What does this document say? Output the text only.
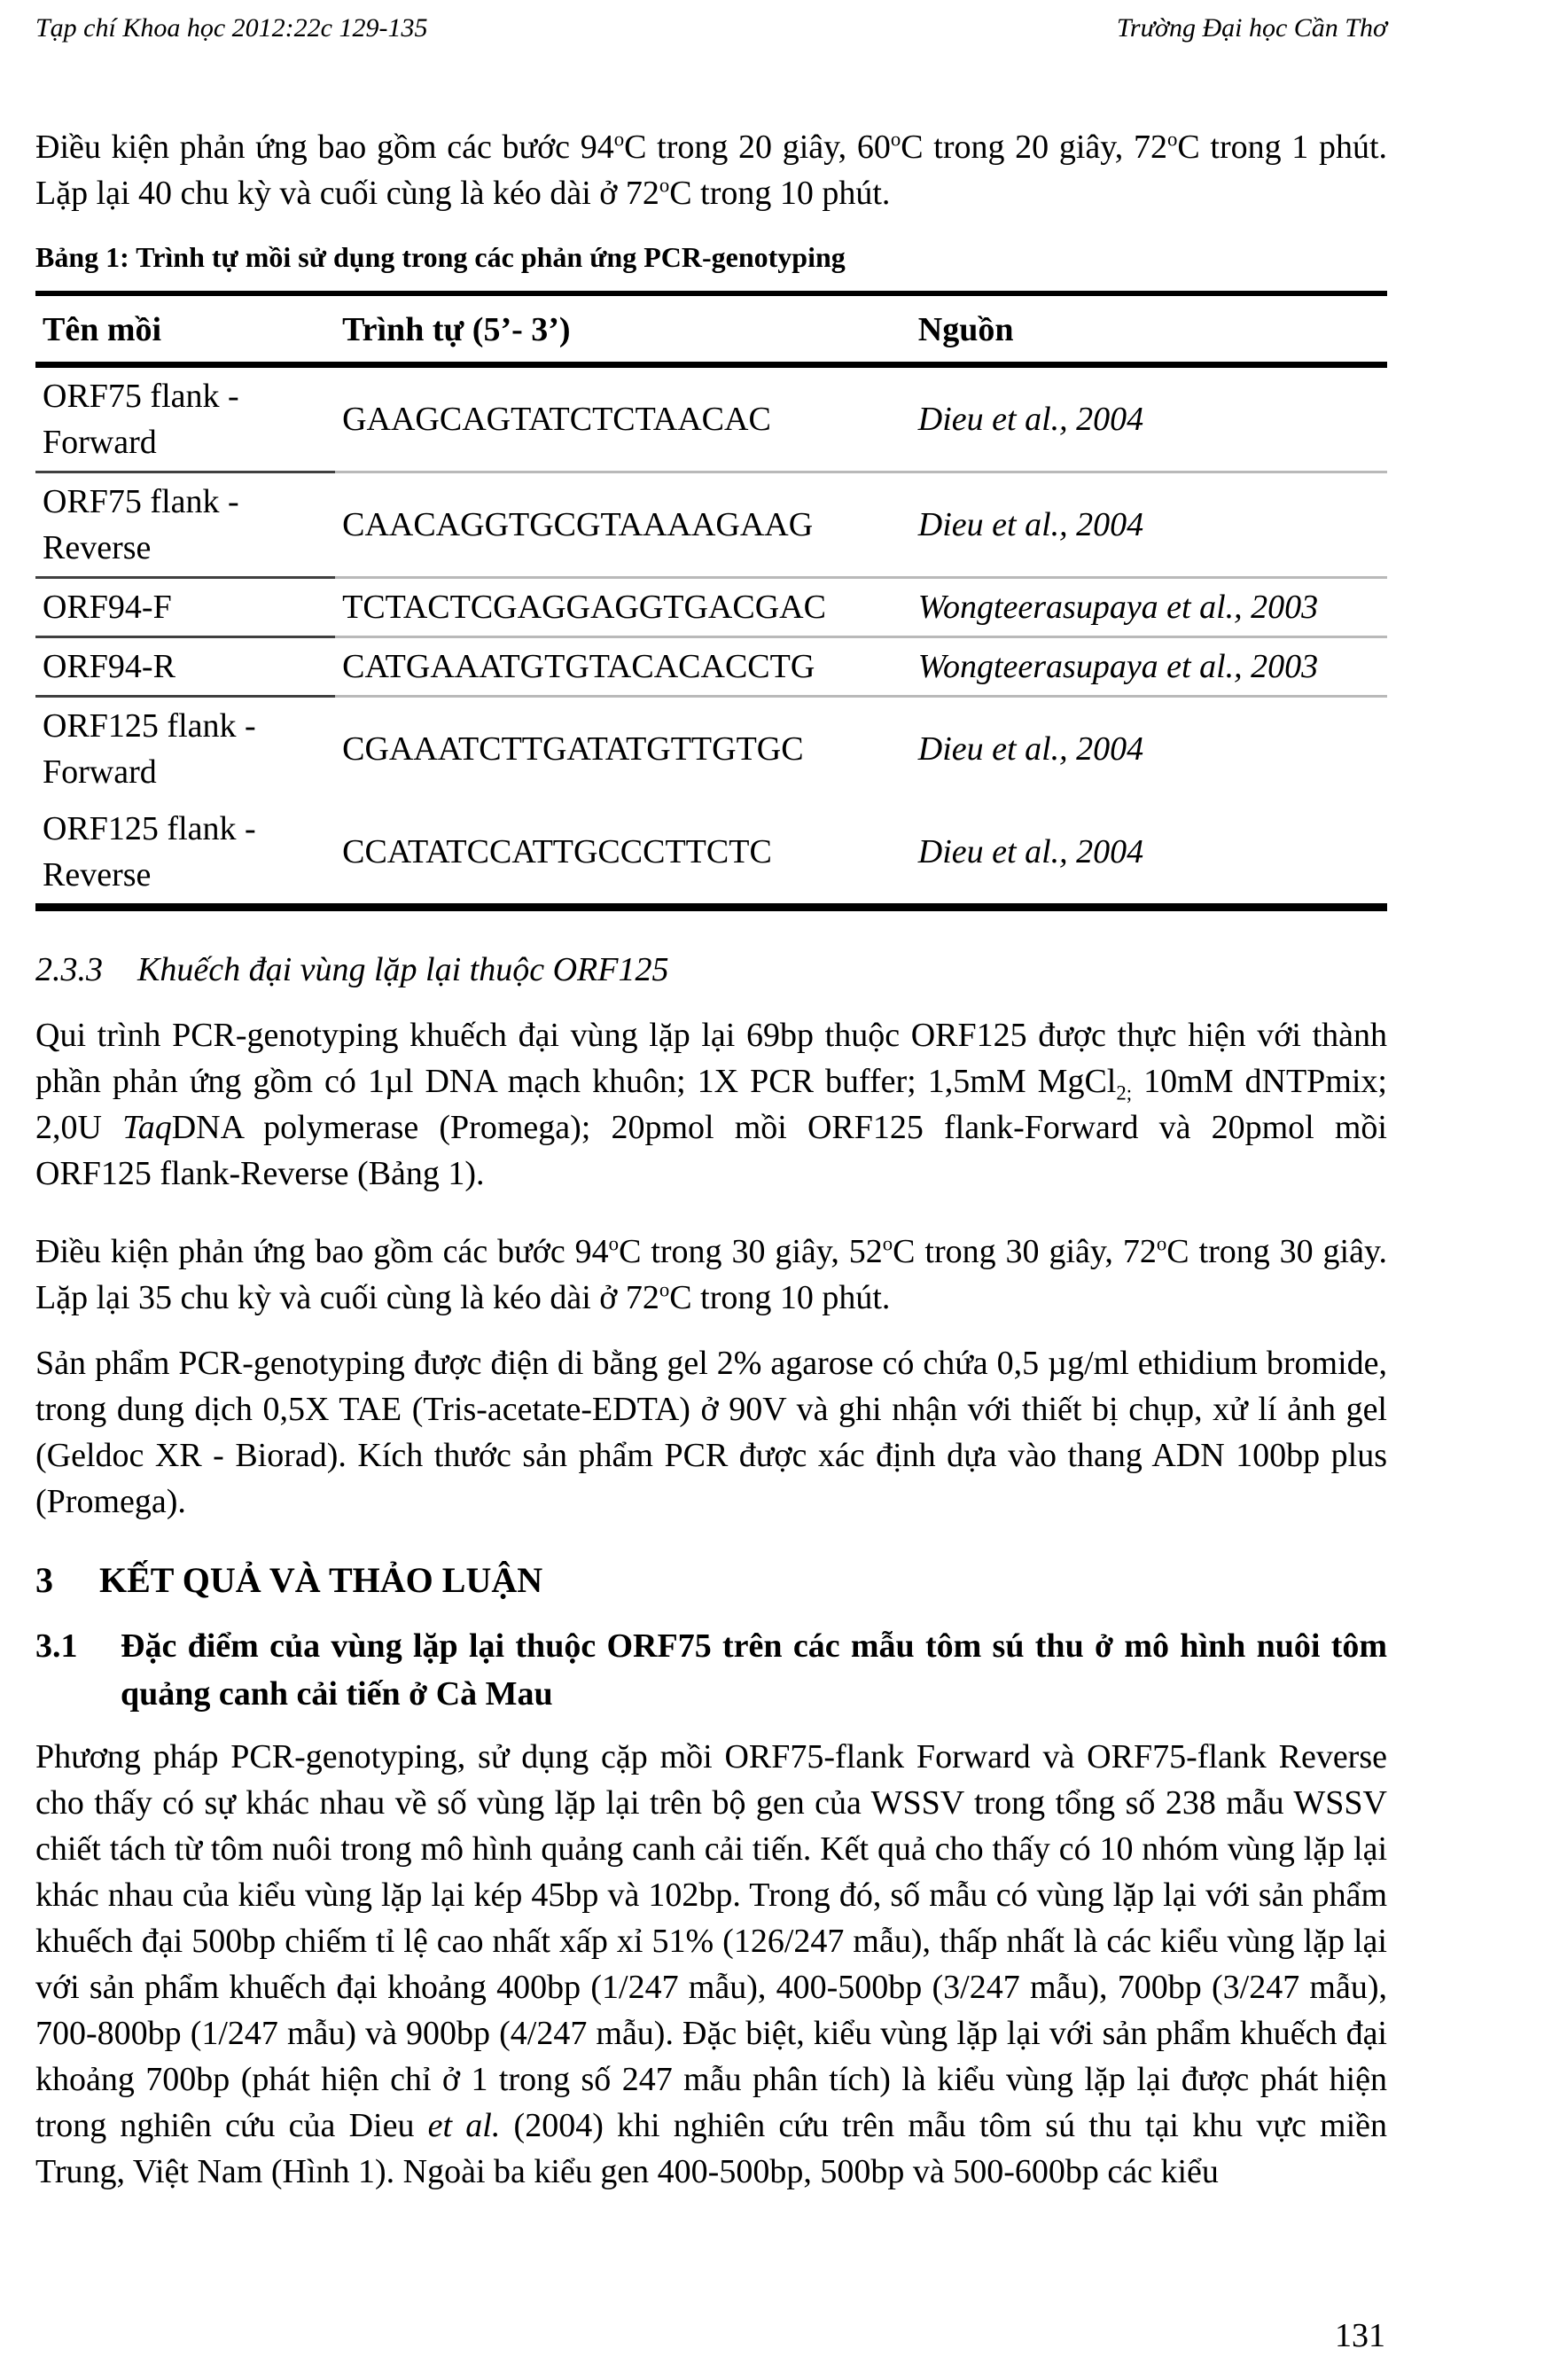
Tạp chí Khoa học 2012:22c 129-135	Trường Đại học Cần Thơ

Điều kiện phản ứng bao gồm các bước 94$^o$C trong 20 giây, 60$^o$C trong 20 giây, 72$^o$C trong 1 phút. Lặp lại 40 chu kỳ và cuối cùng là kéo dài ở 72$^o$C trong 10 phút.

Bảng 1: Trình tự mồi sử dụng trong các phản ứng PCR-genotyping
Tên mồi	Trình tự (5’- 3’)	Nguồn
ORF75 flank - Forward	GAAGCAGTATCTCTAACAC	Dieu et al., 2004
ORF75 flank - Reverse	CAACAGGTGCGTAAAAGAAG	Dieu et al., 2004
ORF94-F	TCTACTCGAGGAGGTGACGAC	Wongteerasupaya et al., 2003
ORF94-R	CATGAAATGTGTACACACCTG	Wongteerasupaya et al., 2003
ORF125 flank - Forward	CGAAATCTTGATATGTTGTGC	Dieu et al., 2004
ORF125 flank - Reverse	CCATATCCATTGCCCTTCTC	Dieu et al., 2004
2.3.3	Khuếch đại vùng lặp lại thuộc ORF125

Qui trình PCR-genotyping khuếch đại vùng lặp lại 69bp thuộc ORF125 được thực hiện với thành phần phản ứng gồm có 1µl DNA mạch khuôn; 1X PCR buffer; 1,5mM MgCl$_{2;}$ 10mM dNTPmix; 2,0U TaqDNA polymerase (Promega); 20pmol mồi ORF125 flank-Forward và 20pmol mồi ORF125 flank-Reverse (Bảng 1).

Điều kiện phản ứng bao gồm các bước 94$^o$C trong 30 giây, 52$^o$C trong 30 giây, 72$^o$C trong 30 giây. Lặp lại 35 chu kỳ và cuối cùng là kéo dài ở 72$^o$C trong 10 phút.

Sản phẩm PCR-genotyping được điện di bằng gel 2% agarose có chứa 0,5 µg/ml ethidium bromide, trong dung dịch 0,5X TAE (Tris-acetate-EDTA) ở 90V và ghi nhận với thiết bị chụp, xử lí ảnh gel (Geldoc XR - Biorad). Kích thước sản phẩm PCR được xác định dựa vào thang ADN 100bp plus (Promega).

3	KẾT QUẢ VÀ THẢO LUẬN
3.1	Đặc điểm của vùng lặp lại thuộc ORF75 trên các mẫu tôm sú thu ở mô hình nuôi tôm quảng canh cải tiến ở Cà Mau

Phương pháp PCR-genotyping, sử dụng cặp mồi ORF75-flank Forward và ORF75-flank Reverse cho thấy có sự khác nhau về số vùng lặp lại trên bộ gen của WSSV trong tổng số 238 mẫu WSSV chiết tách từ tôm nuôi trong mô hình quảng canh cải tiến. Kết quả cho thấy có 10 nhóm vùng lặp lại khác nhau của kiểu vùng lặp lại kép 45bp và 102bp. Trong đó, số mẫu có vùng lặp lại với sản phẩm khuếch đại 500bp chiếm tỉ lệ cao nhất xấp xỉ 51% (126/247 mẫu), thấp nhất là các kiểu vùng lặp lại với sản phẩm khuếch đại khoảng 400bp (1/247 mẫu), 400-500bp (3/247 mẫu), 700bp (3/247 mẫu), 700-800bp (1/247 mẫu) và 900bp (4/247 mẫu). Đặc biệt, kiểu vùng lặp lại với sản phẩm khuếch đại khoảng 700bp (phát hiện chỉ ở 1 trong số 247 mẫu phân tích) là kiểu vùng lặp lại được phát hiện trong nghiên cứu của Dieu et al. (2004) khi nghiên cứu trên mẫu tôm sú thu tại khu vực miền Trung, Việt Nam (Hình 1). Ngoài ba kiểu gen 400-500bp, 500bp và 500-600bp các kiểu

131
